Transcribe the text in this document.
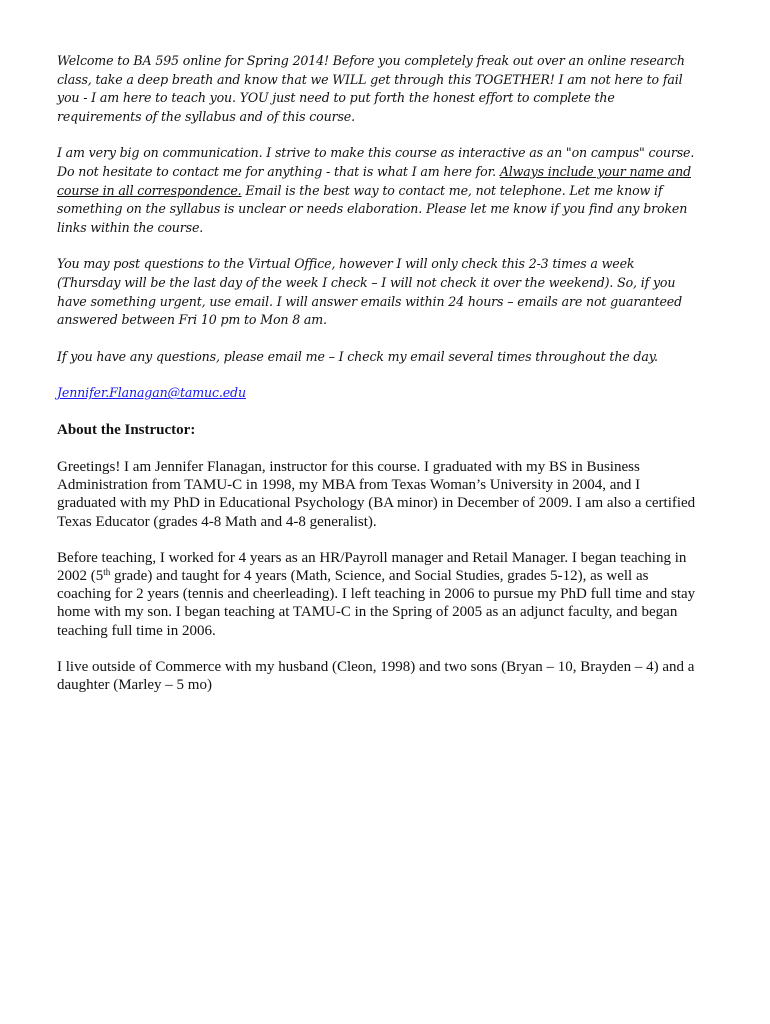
Welcome to BA 595 online for Spring 2014! Before you completely freak out over an online research class, take a deep breath and know that we WILL get through this TOGETHER! I am not here to fail you - I am here to teach you. YOU just need to put forth the honest effort to complete the requirements of the syllabus and of this course.

I am very big on communication. I strive to make this course as interactive as an "on campus" course. Do not hesitate to contact me for anything - that is what I am here for. Always include your name and course in all correspondence. Email is the best way to contact me, not telephone. Let me know if something on the syllabus is unclear or needs elaboration. Please let me know if you find any broken links within the course.

You may post questions to the Virtual Office, however I will only check this 2-3 times a week (Thursday will be the last day of the week I check – I will not check it over the weekend). So, if you have something urgent, use email. I will answer emails within 24 hours – emails are not guaranteed answered between Fri 10 pm to Mon 8 am.

If you have any questions, please email me – I check my email several times throughout the day.

Jennifer.Flanagan@tamuc.edu

About the Instructor:

Greetings! I am Jennifer Flanagan, instructor for this course. I graduated with my BS in Business Administration from TAMU-C in 1998, my MBA from Texas Woman’s University in 2004, and I graduated with my PhD in Educational Psychology (BA minor) in December of 2009. I am also a certified Texas Educator (grades 4-8 Math and 4-8 generalist).

Before teaching, I worked for 4 years as an HR/Payroll manager and Retail Manager. I began teaching in 2002 (5th grade) and taught for 4 years (Math, Science, and Social Studies, grades 5-12), as well as coaching for 2 years (tennis and cheerleading). I left teaching in 2006 to pursue my PhD full time and stay home with my son. I began teaching at TAMU-C in the Spring of 2005 as an adjunct faculty, and began teaching full time in 2006.

I live outside of Commerce with my husband (Cleon, 1998) and two sons (Bryan – 10, Brayden – 4) and a daughter (Marley – 5 mo)
